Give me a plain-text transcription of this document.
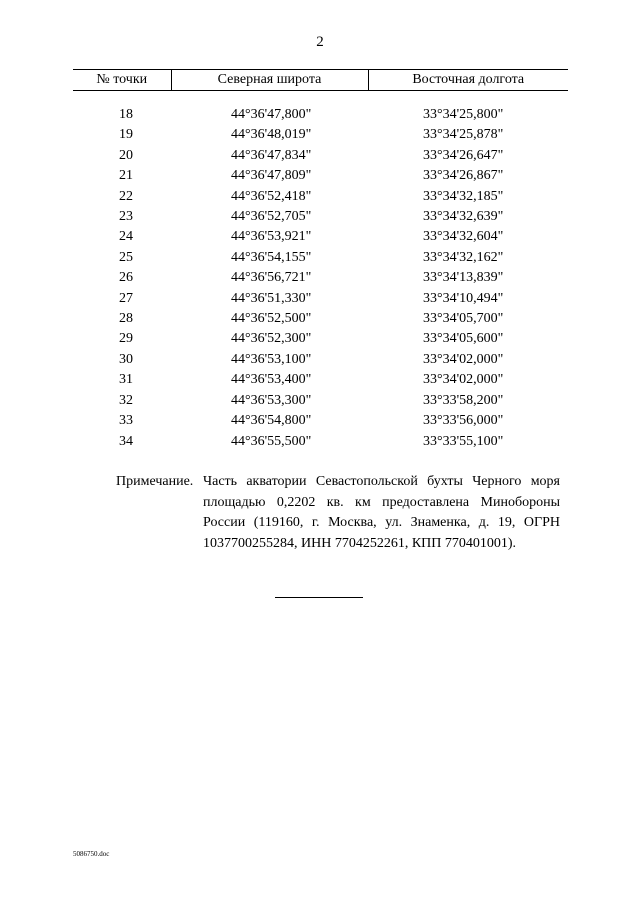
2
№ точки	Северная широта	Восточная долгота

18	44°36'47,800"	33°34'25,800"
19	44°36'48,019"	33°34'25,878"
20	44°36'47,834"	33°34'26,647"
21	44°36'47,809"	33°34'26,867"
22	44°36'52,418"	33°34'32,185"
23	44°36'52,705"	33°34'32,639"
24	44°36'53,921"	33°34'32,604"
25	44°36'54,155"	33°34'32,162"
26	44°36'56,721"	33°34'13,839"
27	44°36'51,330"	33°34'10,494"
28	44°36'52,500"	33°34'05,700"
29	44°36'52,300"	33°34'05,600"
30	44°36'53,100"	33°34'02,000"
31	44°36'53,400"	33°34'02,000"
32	44°36'53,300"	33°33'58,200"
33	44°36'54,800"	33°33'56,000"
34	44°36'55,500"	33°33'55,100"
Примечание. Часть акватории Севастопольской бухты Черного моря площадью 0,2202 кв. км предоставлена Минобороны России (119160, г. Москва, ул. Знаменка, д. 19, ОГРН 1037700255284, ИНН 7704252261, КПП 770401001).
5086750.doc
